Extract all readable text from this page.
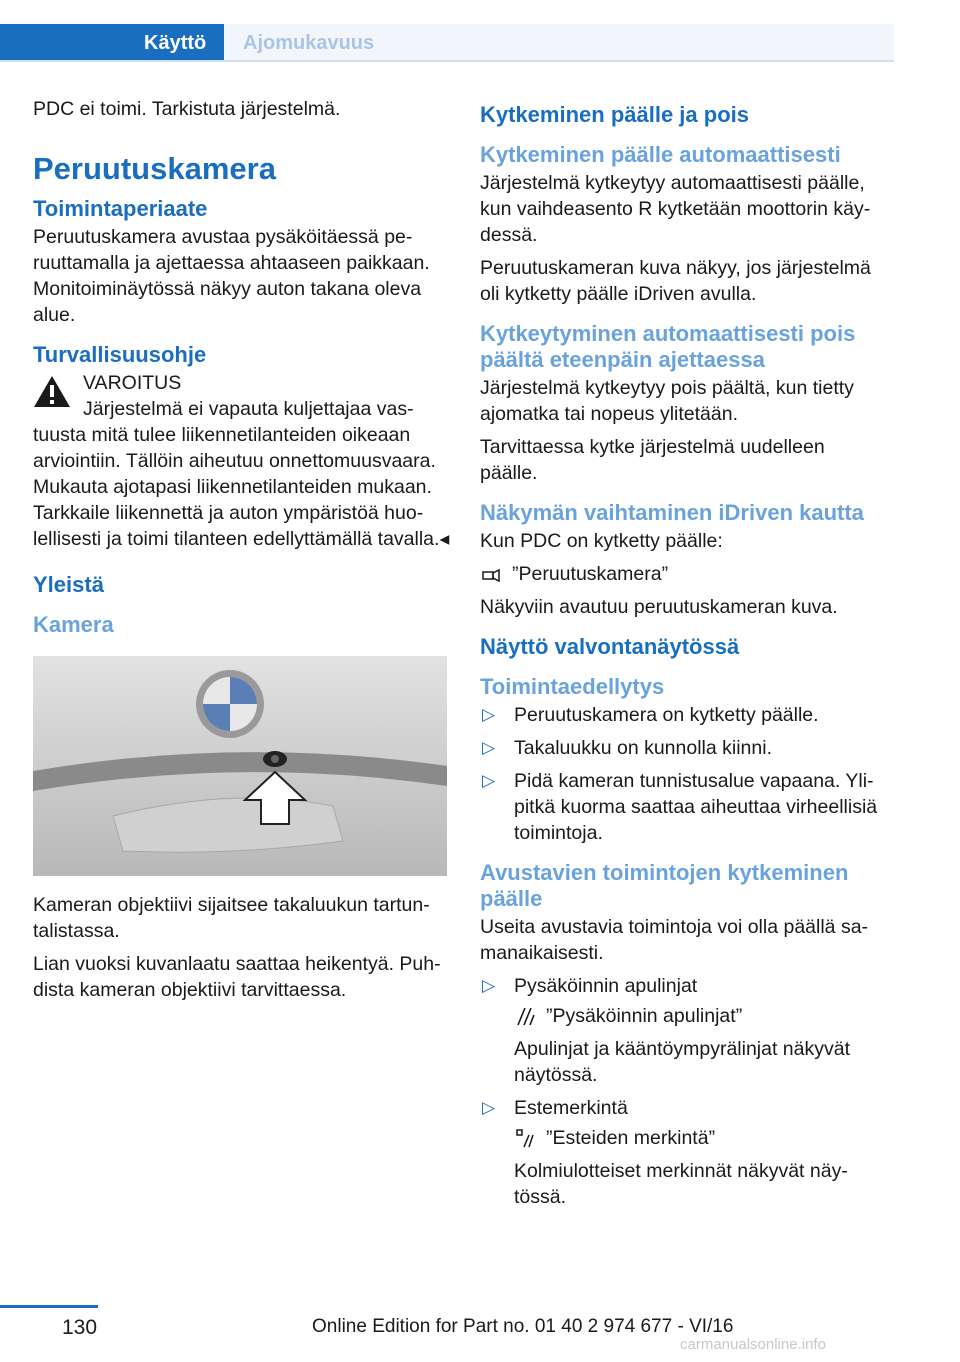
Käyttö	Ajomukavuus

PDC ei toimi. Tarkistuta järjestelmä.

Peruutuskamera
Toimintaperiaate

Peruutuskamera avustaa pysäköitäessä peruuttamalla ja ajettaessa ahtaaseen paikkaan. Monitoiminäytössä näkyy auton takana oleva alue.

Turvallisuusohje
VAROITUS

Järjestelmä ei vapauta kuljettajaa vastuusta mitä tulee liikennetilanteiden oikeaan arviointiin. Tällöin aiheutuu onnettomuusvaara. Mukauta ajotapasi liikennetilanteiden mukaan. Tarkkaile liikennettä ja auton ympäristöä huolellisesti ja toimi tilanteen edellyttämällä tavalla.◂

Yleistä
Kamera

Kameran objektiivi sijaitsee takaluukun tartuntalistassa.

Lian vuoksi kuvanlaatu saattaa heikentyä. Puhdista kameran objektiivi tarvittaessa.

Kytkeminen päälle ja pois
Kytkeminen päälle automaattisesti

Järjestelmä kytkeytyy automaattisesti päälle, kun vaihdeasento R kytketään moottorin käydessä.

Peruutuskameran kuva näkyy, jos järjestelmä oli kytketty päälle iDriven avulla.

Kytkeytyminen automaattisesti pois päältä eteenpäin ajettaessa

Järjestelmä kytkeytyy pois päältä, kun tietty ajomatka tai nopeus ylitetään.

Tarvittaessa kytke järjestelmä uudelleen päälle.

Näkymän vaihtaminen iDriven kautta

Kun PDC on kytketty päälle:

”Peruutuskamera”

Näkyviin avautuu peruutuskameran kuva.

Näyttö valvontanäytössä
Toimintaedellytys
▷ Peruutuskamera on kytketty päälle.
▷ Takaluukku on kunnolla kiinni.
▷ Pidä kameran tunnistusalue vapaana. Ylipitkä kuorma saattaa aiheuttaa virheellisiä toimintoja.
Avustavien toimintojen kytkeminen päälle

Useita avustavia toimintoja voi olla päällä samanaikaisesti.

▷ Pysäköinnin apulinjat
”Pysäköinnin apulinjat”
Apulinjat ja kääntöympyrälinjat näkyvät näytössä.
▷ Estemerkintä
”Esteiden merkintä”
Kolmiulotteiset merkinnät näkyvät näytössä.
130	Online Edition for Part no. 01 40 2 974 677 - VI/16
carmanualsonline.info
